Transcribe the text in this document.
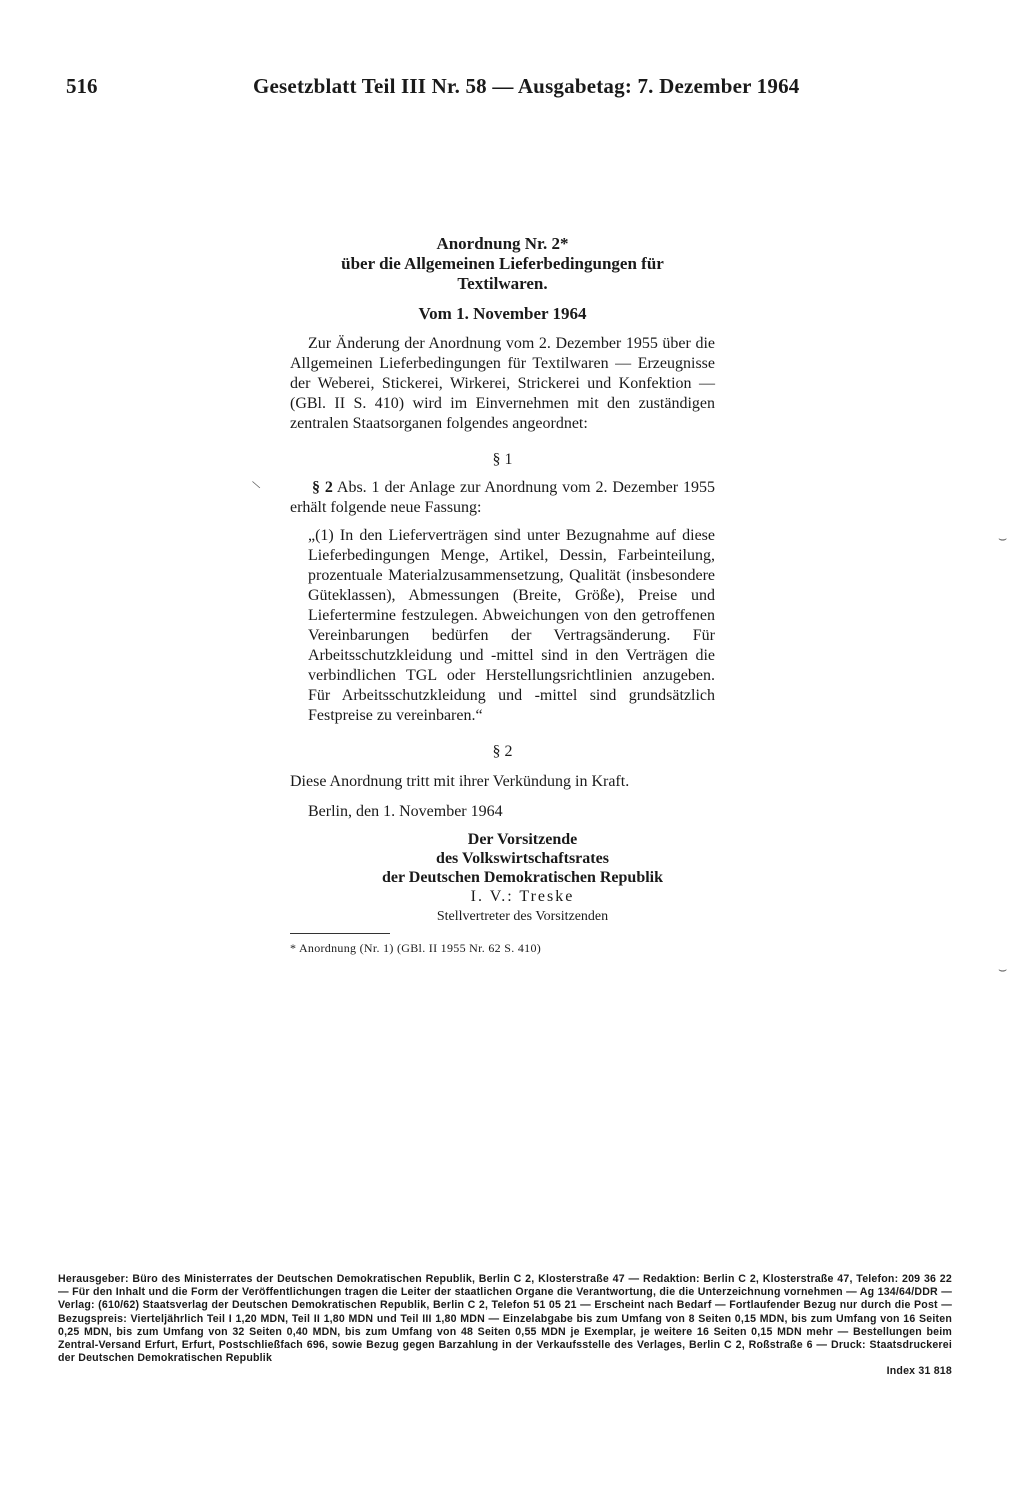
516	Gesetzblatt Teil III Nr. 58 — Ausgabetag: 7. Dezember 1964
Anordnung Nr. 2*
über die Allgemeinen Lieferbedingungen für
Textilwaren.
Vom 1. November 1964

Zur Änderung der Anordnung vom 2. Dezember 1955 über die Allgemeinen Lieferbedingungen für Textilwaren — Erzeugnisse der Weberei, Stickerei, Wirkerei, Strickerei und Konfektion — (GBl. II S. 410) wird im Einvernehmen mit den zuständigen zentralen Staatsorganen folgendes angeordnet:

§ 1

§ 2 Abs. 1 der Anlage zur Anordnung vom 2. Dezember 1955 erhält folgende neue Fassung:

„(1) In den Lieferverträgen sind unter Bezugnahme auf diese Lieferbedingungen Menge, Artikel, Dessin, Farbeinteilung, prozentuale Materialzusammensetzung, Qualität (insbesondere Güteklassen), Abmessungen (Breite, Größe), Preise und Liefertermine festzulegen. Abweichungen von den getroffenen Vereinbarungen bedürfen der Vertragsänderung. Für Arbeitsschutzkleidung und -mittel sind in den Verträgen die verbindlichen TGL oder Herstellungsrichtlinien anzugeben. Für Arbeitsschutzkleidung und -mittel sind grundsätzlich Festpreise zu vereinbaren.“

§ 2

Diese Anordnung tritt mit ihrer Verkündung in Kraft.

Berlin, den 1. November 1964

Der Vorsitzende
des Volkswirtschaftsrates
der Deutschen Demokratischen Republik
I. V.: Treske
Stellvertreter des Vorsitzenden
* Anordnung (Nr. 1) (GBl. II 1955 Nr. 62 S. 410)
\
⌣
⌣
Herausgeber: Büro des Ministerrates der Deutschen Demokratischen Republik, Berlin C 2, Klosterstraße 47 — Redaktion: Berlin C 2, Klosterstraße 47, Telefon: 209 36 22 — Für den Inhalt und die Form der Veröffentlichungen tragen die Leiter der staatlichen Organe die Verantwortung, die die Unterzeichnung vornehmen — Ag 134/64/DDR — Verlag: (610/62) Staatsverlag der Deutschen Demokratischen Republik, Berlin C 2, Telefon 51 05 21 — Erscheint nach Bedarf — Fortlaufender Bezug nur durch die Post — Bezugspreis: Vierteljährlich Teil I 1,20 MDN, Teil II 1,80 MDN und Teil III 1,80 MDN — Einzelabgabe bis zum Umfang von 8 Seiten 0,15 MDN, bis zum Umfang von 16 Seiten 0,25 MDN, bis zum Umfang von 32 Seiten 0,40 MDN, bis zum Umfang von 48 Seiten 0,55 MDN je Exemplar, je weitere 16 Seiten 0,15 MDN mehr — Bestellungen beim Zentral-Versand Erfurt, Erfurt, Postschließfach 696, sowie Bezug gegen Barzahlung in der Verkaufsstelle des Verlages, Berlin C 2, Roßstraße 6 — Druck: Staatsdruckerei der Deutschen Demokratischen Republik
Index 31 818
